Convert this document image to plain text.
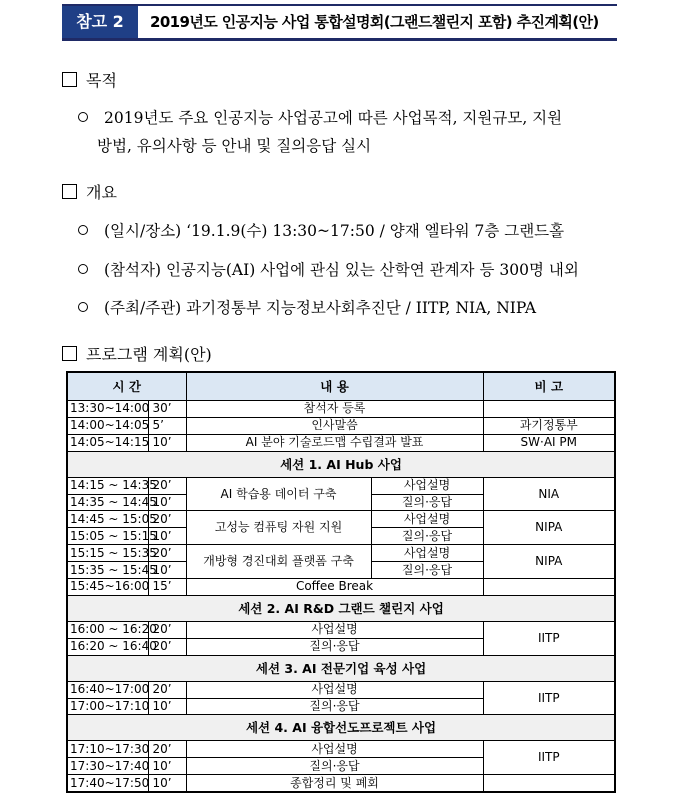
참고 2	2019년도 인공지능 사업 통합설명회(그랜드챌린지 포함) 추진계획(안)
목적
2019년도 주요 인공지능 사업공고에 따른 사업목적, 지원규모, 지원
방법, 유의사항 등 안내 및 질의응답 실시
개요
(일시/장소) ‘19.1.9(수) 13:30~17:50 / 양재 엘타워 7층 그랜드홀
(참석자) 인공지능(AI) 사업에 관심 있는 산학연 관계자 등 300명 내외
(주최/주관) 과기정통부 지능정보사회추진단 / IITP, NIA, NIPA
프로그램 계획(안)
시 간		내 용		비 고
13:30~14:00	30’	참석자 등록		
14:00~14:05	5’	인사말씀		과기정통부
14:05~14:15	10’	AI 분야 기술로드맵 수립결과 발표		SW·AI PM
세션 1. AI Hub 사업				
14:15 ~ 14:35	20’	AI 학습용 데이터 구축	사업설명	NIA
14:35 ~ 14:45	10’		질의·응답	
14:45 ~ 15:05	20’	고성능 컴퓨팅 자원 지원	사업설명	NIPA
15:05 ~ 15:15	10’		질의·응답	
15:15 ~ 15:35	20’	개방형 경진대회 플랫폼 구축	사업설명	NIPA
15:35 ~ 15:45	10’		질의·응답	
15:45~16:00	15’	Coffee Break		
세션 2. AI R&D 그랜드 챌린지 사업				
16:00 ~ 16:20	20’	사업설명		IITP
16:20 ~ 16:40	20’	질의·응답		
세션 3. AI 전문기업 육성 사업				
16:40~17:00	20’	사업설명		IITP
17:00~17:10	10’	질의·응답		
세션 4. AI 융합선도프로젝트 사업				
17:10~17:30	20’	사업설명		IITP
17:30~17:40	10’	질의·응답		
17:40~17:50	10’	종합정리 및 폐회		
